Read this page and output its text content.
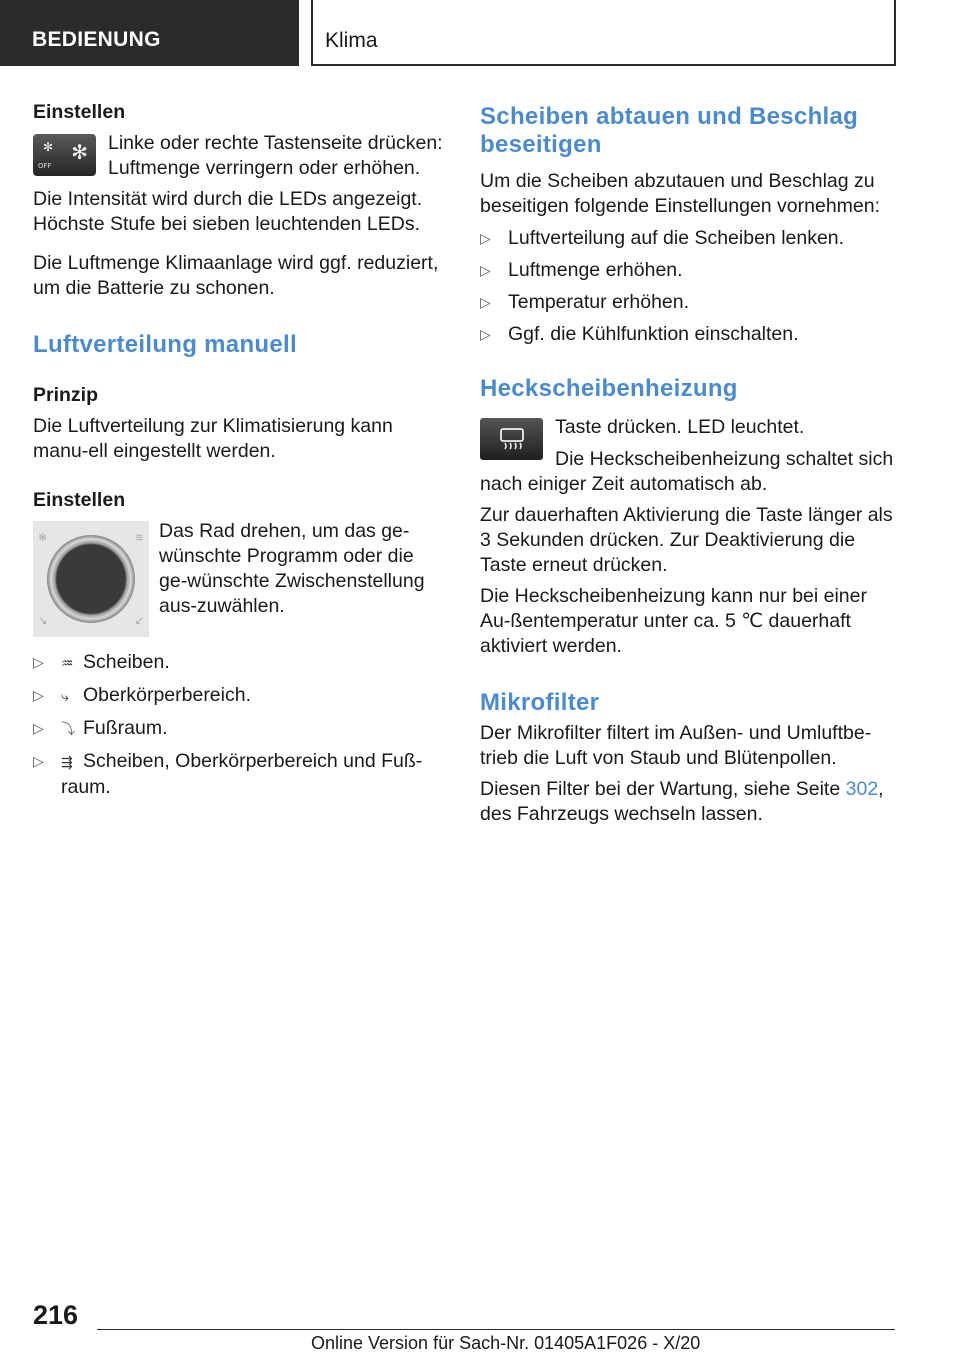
BEDIENUNG	Klima
Einstellen
✻ ✻
OFF

Linke oder rechte Tastenseite drücken:

Luftmenge verringern oder erhöhen.

Die Intensität wird durch die LEDs angezeigt. Höchste Stufe bei sieben leuchtenden LEDs.

Die Luftmenge Klimaanlage wird ggf. reduziert, um die Batterie zu schonen.

Luftverteilung manuell
Prinzip

Die Luftverteilung zur Klimatisierung kann manu-ell eingestellt werden.

Einstellen
❄	≋
↘	↙

Das Rad drehen, um das ge-wünschte Programm oder die ge-wünschte Zwischenstellung aus-zuwählen.

▷ ♒ Scheiben.
▷ ⤷ Oberkörperbereich.
▷ ⤵ Fußraum.
▷ ⇶ Scheiben, Oberkörperbereich und Fuß-raum.
Scheiben abtauen und Beschlag beseitigen

Um die Scheiben abzutauen und Beschlag zu beseitigen folgende Einstellungen vornehmen:

▷ Luftverteilung auf die Scheiben lenken.
▷ Luftmenge erhöhen.
▷ Temperatur erhöhen.
▷ Ggf. die Kühlfunktion einschalten.
Heckscheibenheizung

Taste drücken. LED leuchtet.

Die Heckscheibenheizung schaltet sich nach einiger Zeit automatisch ab.

Zur dauerhaften Aktivierung die Taste länger als 3 Sekunden drücken. Zur Deaktivierung die Taste erneut drücken.

Die Heckscheibenheizung kann nur bei einer Au-ßentemperatur unter ca. 5 ℃ dauerhaft aktiviert werden.

Mikrofilter

Der Mikrofilter filtert im Außen- und Umluftbe-trieb die Luft von Staub und Blütenpollen.

Diesen Filter bei der Wartung, siehe Seite 302,
des Fahrzeugs wechseln lassen.

216
Online Version für Sach-Nr. 01405A1F026 - X/20
